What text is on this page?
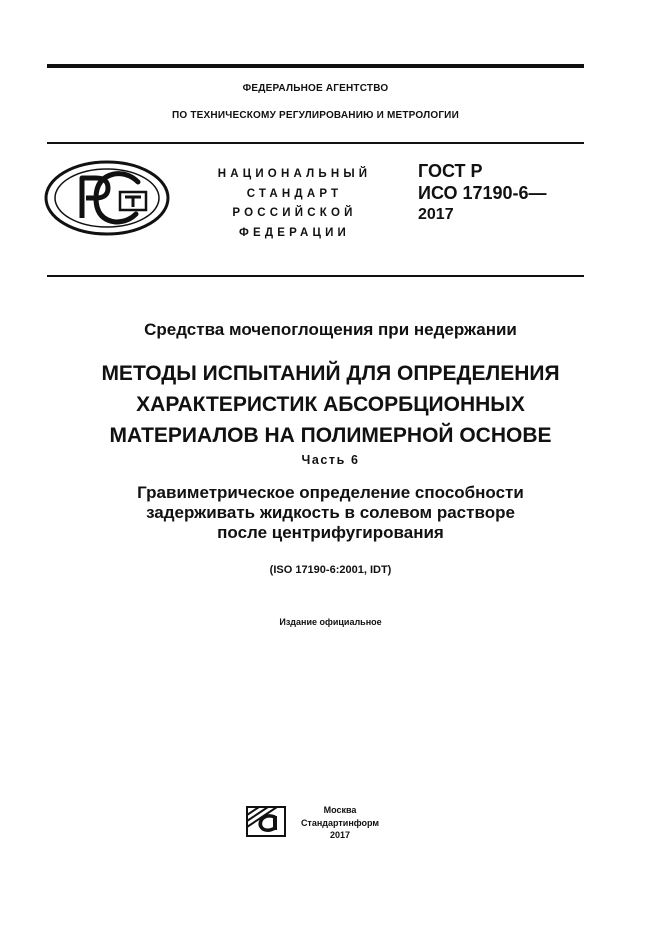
ФЕДЕРАЛЬНОЕ АГЕНТСТВО
ПО ТЕХНИЧЕСКОМУ РЕГУЛИРОВАНИЮ И МЕТРОЛОГИИ
НАЦИОНАЛЬНЫЙ
СТАНДАРТ
РОССИЙСКОЙ
ФЕДЕРАЦИИ
ГОСТ Р
ИСО 17190-6—
2017
Средства мочепоглощения при недержании
МЕТОДЫ ИСПЫТАНИЙ ДЛЯ ОПРЕДЕЛЕНИЯ
ХАРАКТЕРИСТИК АБСОРБЦИОННЫХ
МАТЕРИАЛОВ НА ПОЛИМЕРНОЙ ОСНОВЕ
Часть 6
Гравиметрическое определение способности
задерживать жидкость в солевом растворе
после центрифугирования
(ISO 17190-6:2001, IDT)
Издание официальное
Москва
Стандартинформ
2017
